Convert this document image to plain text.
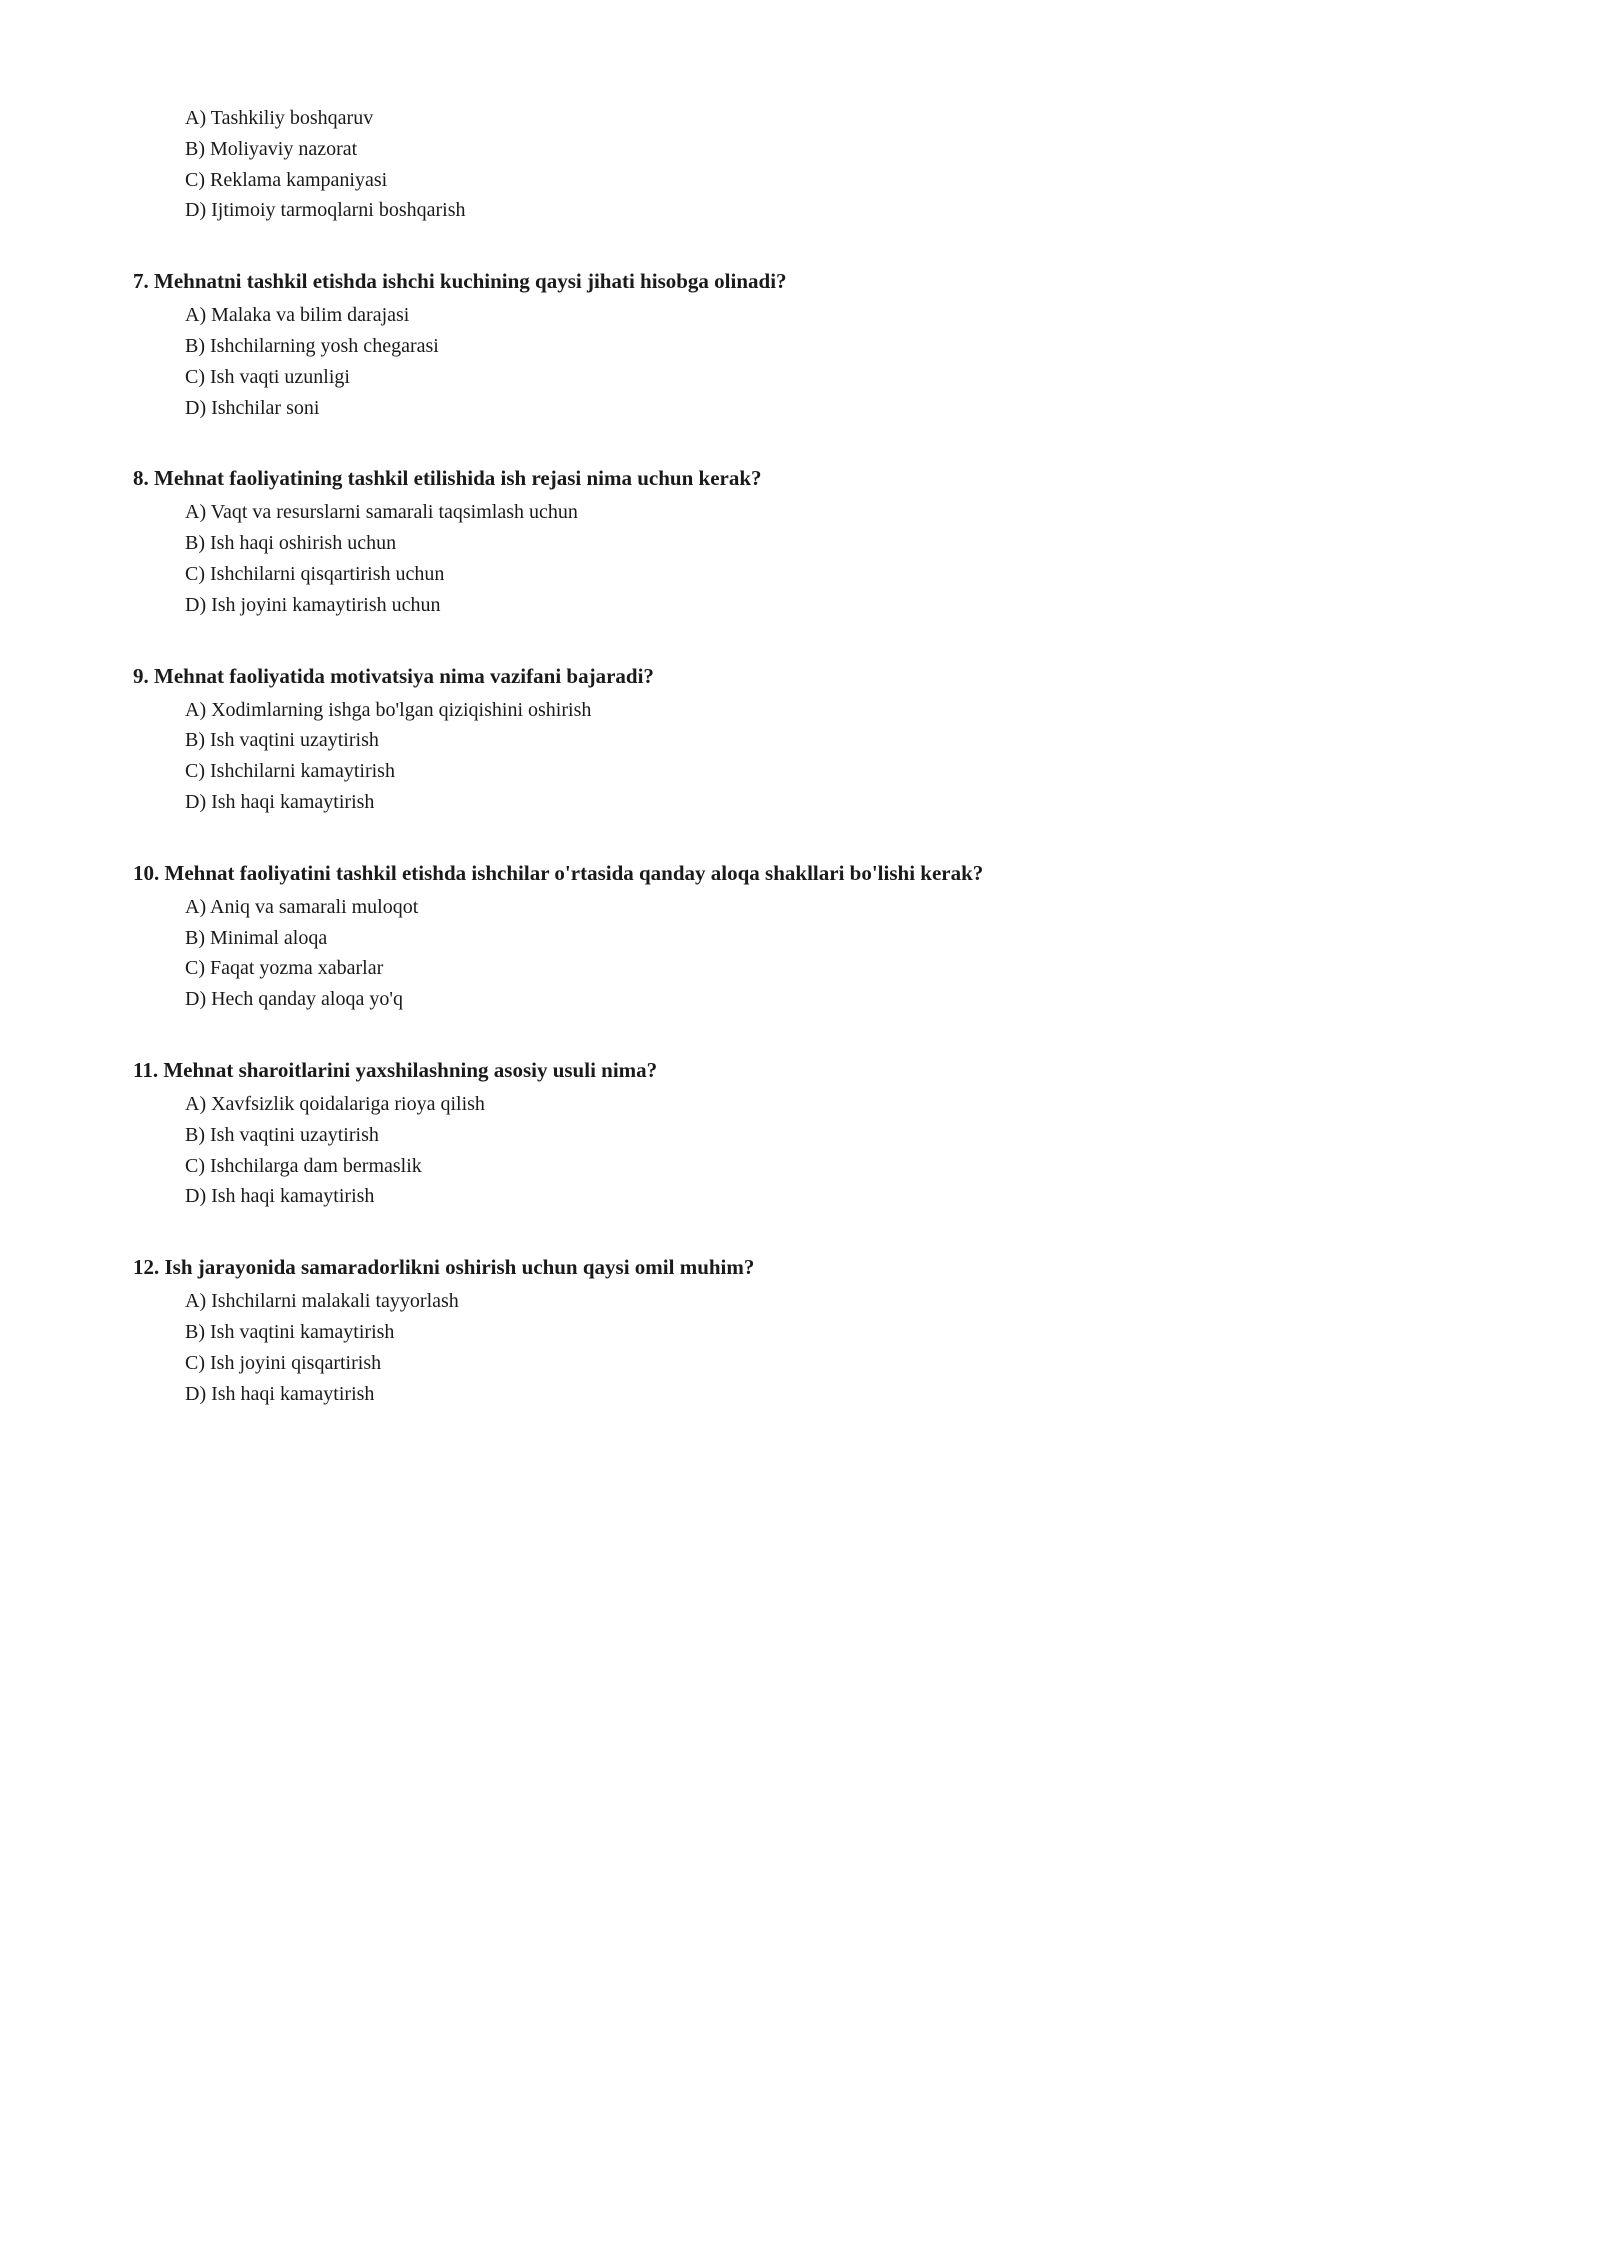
A) Tashkiliy boshqaruv
B) Moliyaviy nazorat
C) Reklama kampaniyasi
D) Ijtimoiy tarmoqlarni boshqarish

7. Mehnatni tashkil etishda ishchi kuchining qaysi jihati hisobga olinadi?

A) Malaka va bilim darajasi
B) Ishchilarning yosh chegarasi
C) Ish vaqti uzunligi
D) Ishchilar soni

8. Mehnat faoliyatining tashkil etilishida ish rejasi nima uchun kerak?

A) Vaqt va resurslarni samarali taqsimlash uchun
B) Ish haqi oshirish uchun
C) Ishchilarni qisqartirish uchun
D) Ish joyini kamaytirish uchun

9. Mehnat faoliyatida motivatsiya nima vazifani bajaradi?

A) Xodimlarning ishga bo'lgan qiziqishini oshirish
B) Ish vaqtini uzaytirish
C) Ishchilarni kamaytirish
D) Ish haqi kamaytirish

10. Mehnat faoliyatini tashkil etishda ishchilar o'rtasida qanday aloqa shakllari bo'lishi kerak?

A) Aniq va samarali muloqot
B) Minimal aloqa
C) Faqat yozma xabarlar
D) Hech qanday aloqa yo'q

11. Mehnat sharoitlarini yaxshilashning asosiy usuli nima?

A) Xavfsizlik qoidalariga rioya qilish
B) Ish vaqtini uzaytirish
C) Ishchilarga dam bermaslik
D) Ish haqi kamaytirish

12. Ish jarayonida samaradorlikni oshirish uchun qaysi omil muhim?

A) Ishchilarni malakali tayyorlash
B) Ish vaqtini kamaytirish
C) Ish joyini qisqartirish
D) Ish haqi kamaytirish
